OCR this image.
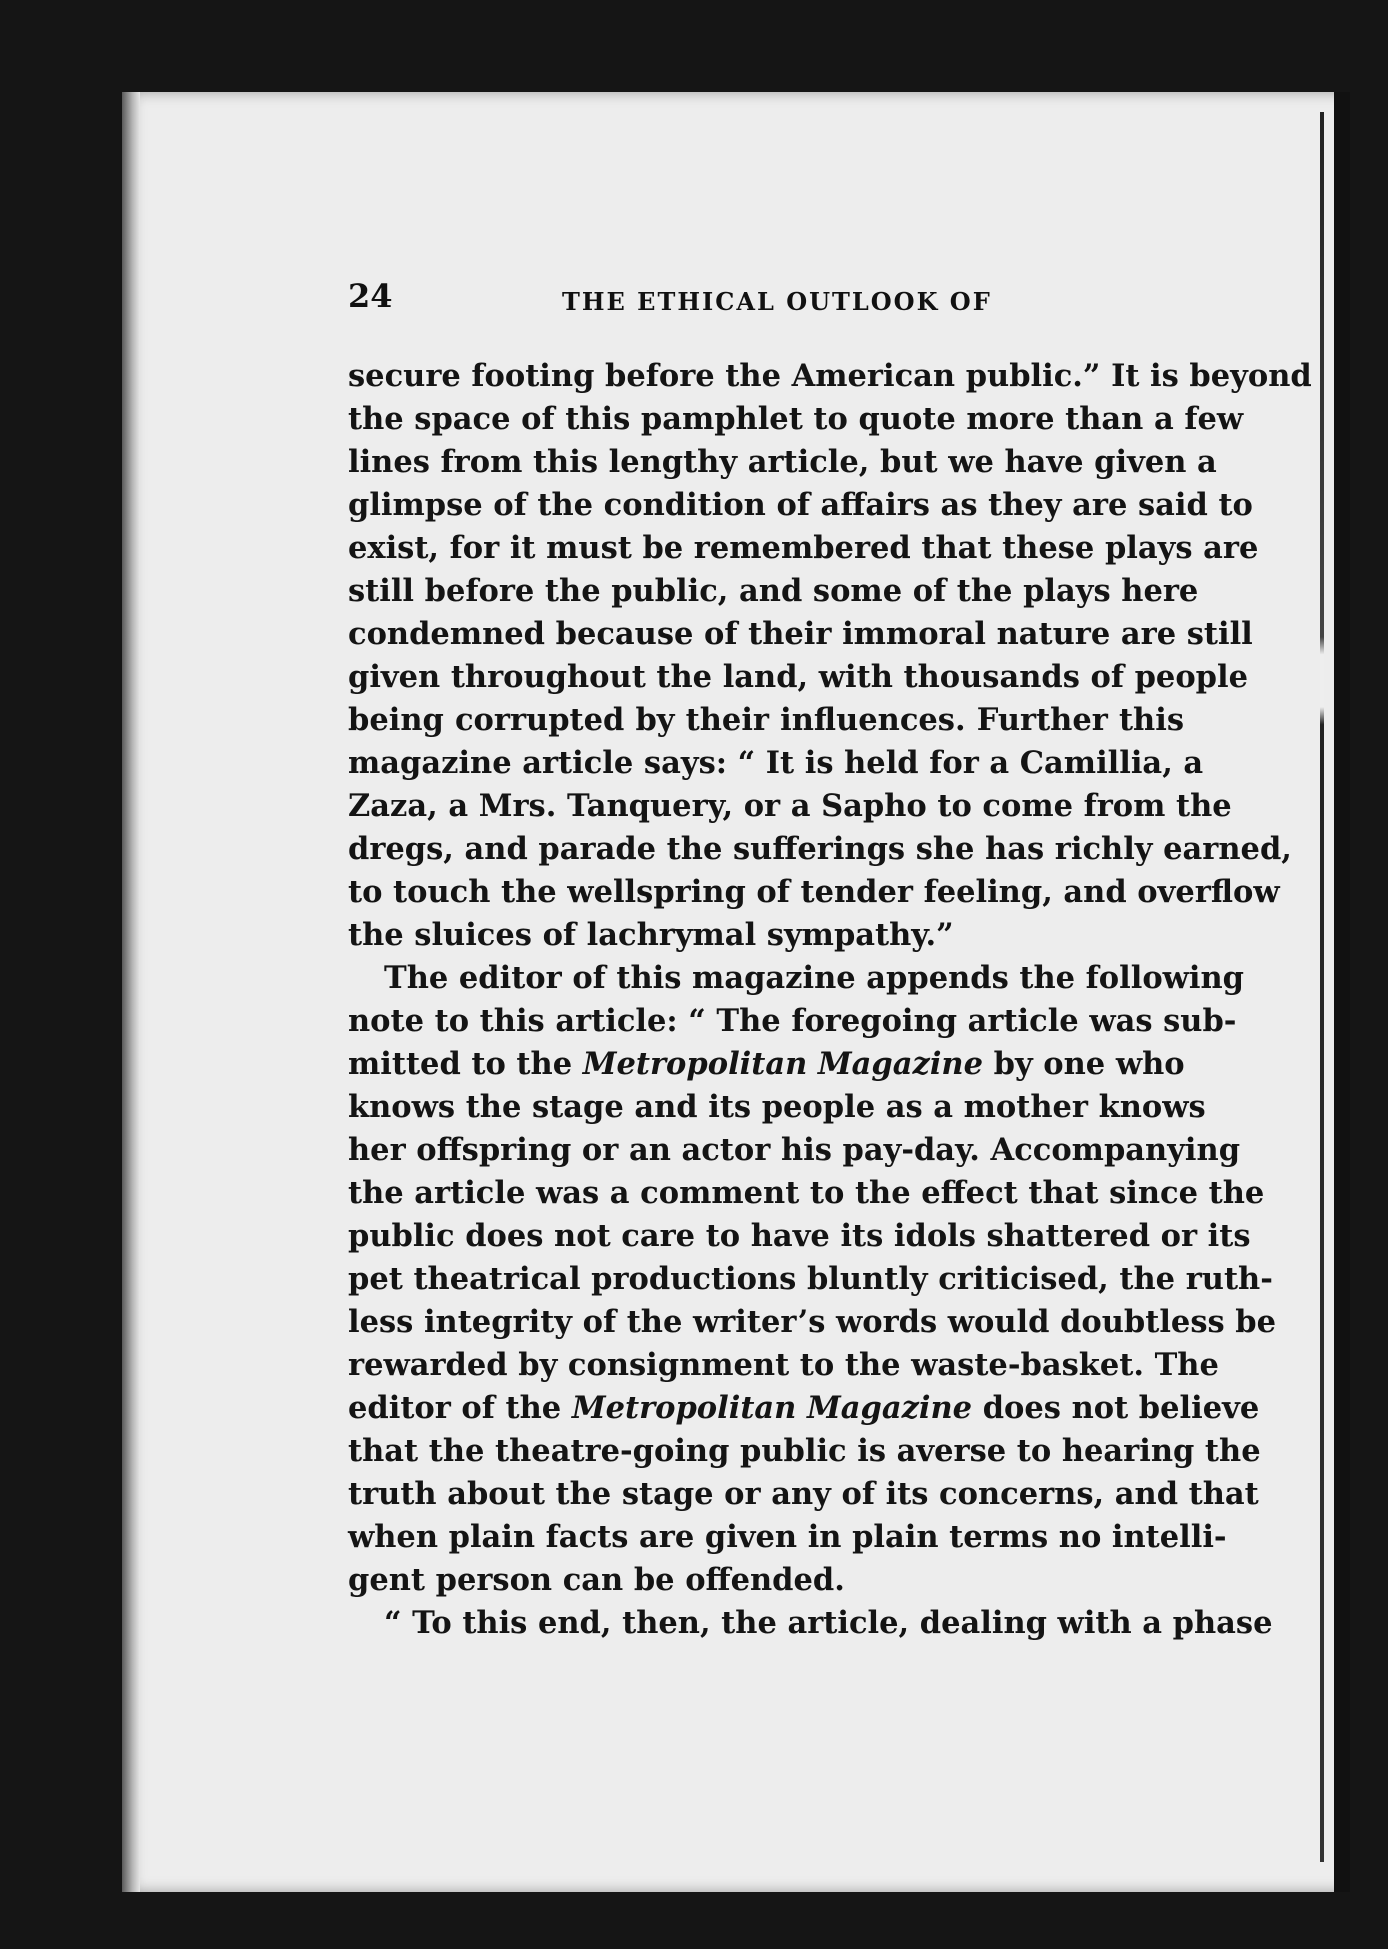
24	THE ETHICAL OUTLOOK OF
secure footing before the American public.” It is beyond
the space of this pamphlet to quote more than a few
lines from this lengthy article, but we have given a
glimpse of the condition of affairs as they are said to
exist, for it must be remembered that these plays are
still before the public, and some of the plays here
condemned because of their immoral nature are still
given throughout the land, with thousands of people
being corrupted by their influences. Further this
magazine article says: “ It is held for a Camillia, a
Zaza, a Mrs. Tanquery, or a Sapho to come from the
dregs, and parade the sufferings she has richly earned,
to touch the wellspring of tender feeling, and overflow
the sluices of lachrymal sympathy.”
The editor of this magazine appends the following
note to this article: “ The foregoing article was sub-
mitted to the Metropolitan Magazine by one who
knows the stage and its people as a mother knows
her offspring or an actor his pay-day. Accompanying
the article was a comment to the effect that since the
public does not care to have its idols shattered or its
pet theatrical productions bluntly criticised, the ruth-
less integrity of the writer’s words would doubtless be
rewarded by consignment to the waste-basket. The
editor of the Metropolitan Magazine does not believe
that the theatre-going public is averse to hearing the
truth about the stage or any of its concerns, and that
when plain facts are given in plain terms no intelli-
gent person can be offended.
“ To this end, then, the article, dealing with a phase
